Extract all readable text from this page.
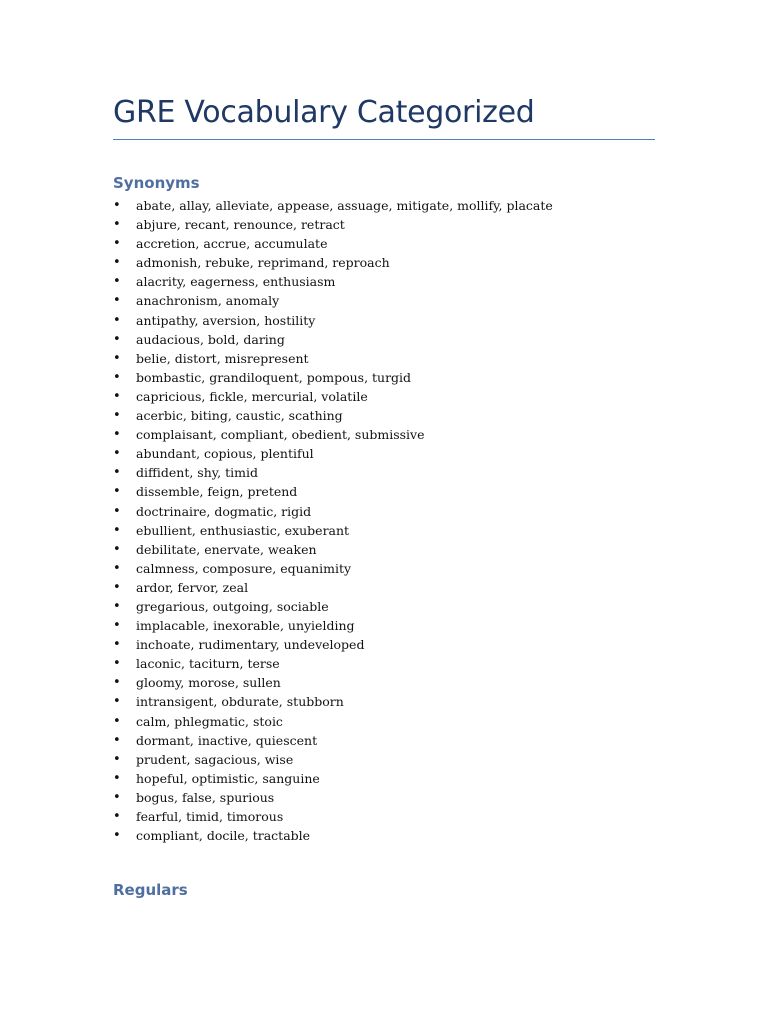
GRE Vocabulary Categorized
Synonyms
• abate, allay, alleviate, appease, assuage, mitigate, mollify, placate
• abjure, recant, renounce, retract
• accretion, accrue, accumulate
• admonish, rebuke, reprimand, reproach
• alacrity, eagerness, enthusiasm
• anachronism, anomaly
• antipathy, aversion, hostility
• audacious, bold, daring
• belie, distort, misrepresent
• bombastic, grandiloquent, pompous, turgid
• capricious, fickle, mercurial, volatile
• acerbic, biting, caustic, scathing
• complaisant, compliant, obedient, submissive
• abundant, copious, plentiful
• diffident, shy, timid
• dissemble, feign, pretend
• doctrinaire, dogmatic, rigid
• ebullient, enthusiastic, exuberant
• debilitate, enervate, weaken
• calmness, composure, equanimity
• ardor, fervor, zeal
• gregarious, outgoing, sociable
• implacable, inexorable, unyielding
• inchoate, rudimentary, undeveloped
• laconic, taciturn, terse
• gloomy, morose, sullen
• intransigent, obdurate, stubborn
• calm, phlegmatic, stoic
• dormant, inactive, quiescent
• prudent, sagacious, wise
• hopeful, optimistic, sanguine
• bogus, false, spurious
• fearful, timid, timorous
• compliant, docile, tractable
Regulars
